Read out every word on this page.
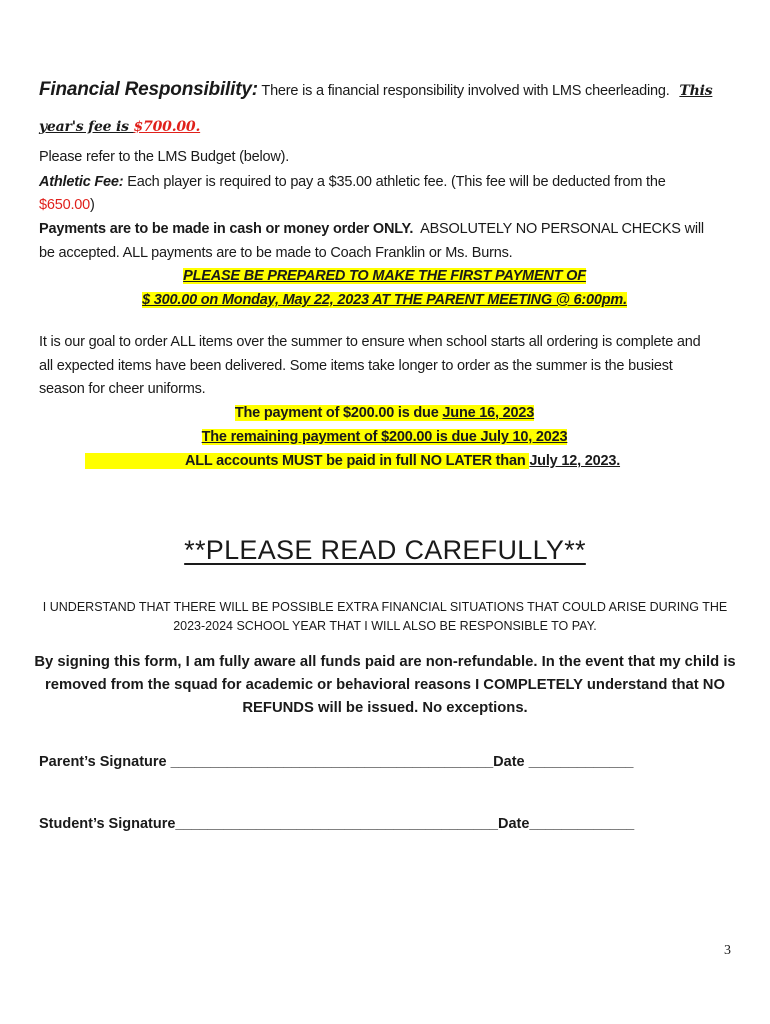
Financial Responsibility: There is a financial responsibility involved with LMS cheerleading. This
year's fee is $700.00.
Please refer to the LMS Budget (below).
Athletic Fee: Each player is required to pay a $35.00 athletic fee. (This fee will be deducted from the
$650.00)
Payments are to be made in cash or money order ONLY. ABSOLUTELY NO PERSONAL CHECKS will
be accepted. ALL payments are to be made to Coach Franklin or Ms. Burns.
PLEASE BE PREPARED TO MAKE THE FIRST PAYMENT OF
$ 300.00 on Monday, May 22, 2023 AT THE PARENT MEETING @ 6:00pm.
It is our goal to order ALL items over the summer to ensure when school starts all ordering is complete and
all expected items have been delivered. Some items take longer to order as the summer is the busiest
season for cheer uniforms.
The payment of $200.00 is due June 16, 2023
The remaining payment of $200.00 is due July 10, 2023
ALL accounts MUST be paid in full NO LATER than July 12, 2023.
**PLEASE READ CAREFULLY**
I UNDERSTAND THAT THERE WILL BE POSSIBLE EXTRA FINANCIAL SITUATIONS THAT COULD ARISE DURING THE
2023-2024 SCHOOL YEAR THAT I WILL ALSO BE RESPONSIBLE TO PAY.
By signing this form, I am fully aware all funds paid are non-refundable. In the event that my child is
removed from the squad for academic or behavioral reasons I COMPLETELY understand that NO
REFUNDS will be issued. No exceptions.
Parent’s Signature ________________________________________Date _____________
Student’s Signature________________________________________Date_____________
3
